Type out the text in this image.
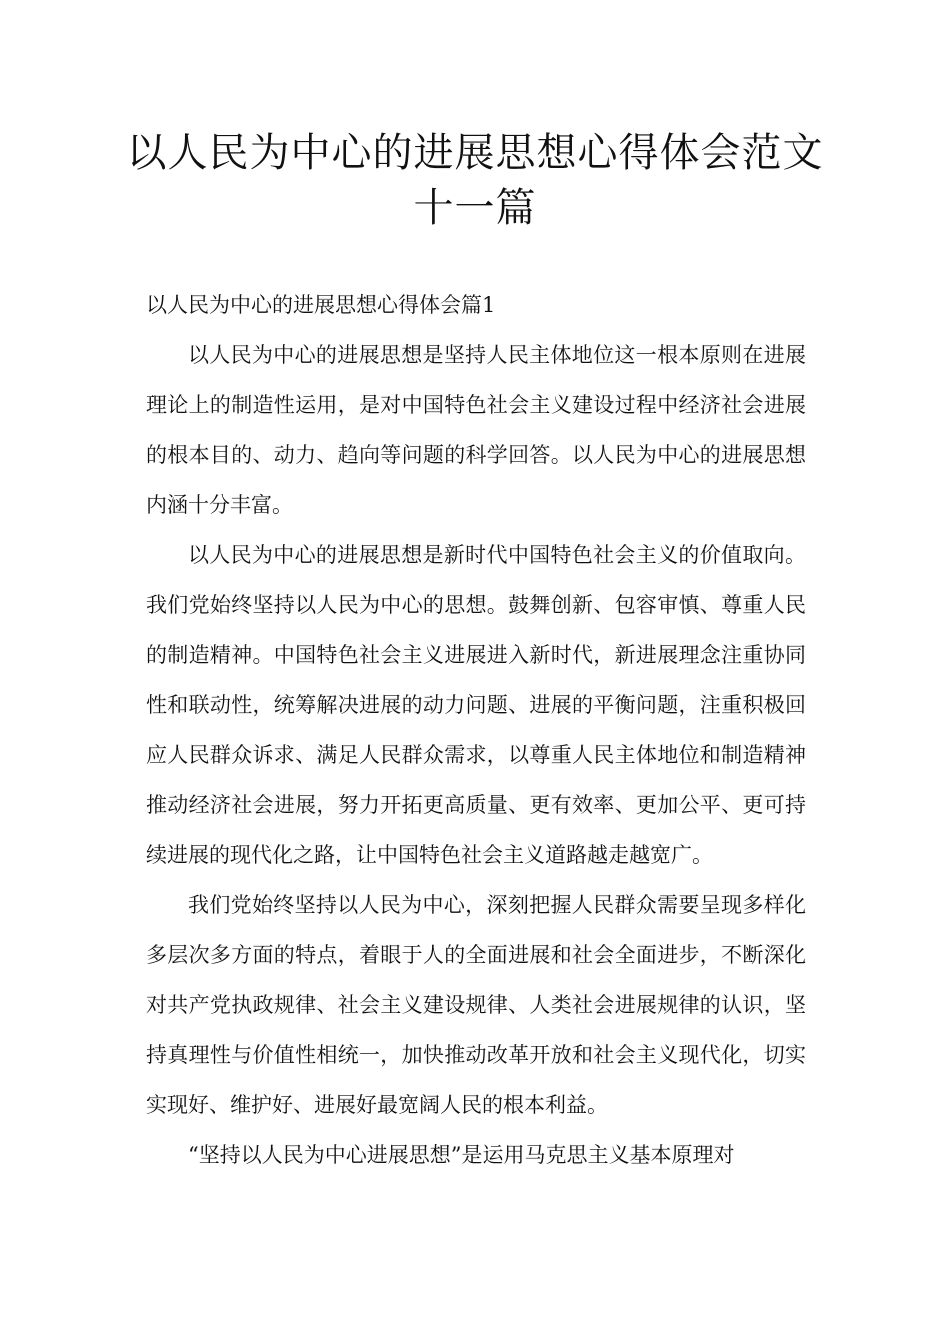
以人民为中心的进展思想心得体会范文
十一篇

以人民为中心的进展思想心得体会篇1

以人民为中心的进展思想是坚持人民主体地位这一根本原则在进展理论上的制造性运用，是对中国特色社会主义建设过程中经济社会进展的根本目的、动力、趋向等问题的科学回答。以人民为中心的进展思想内涵十分丰富。

以人民为中心的进展思想是新时代中国特色社会主义的价值取向。我们党始终坚持以人民为中心的思想。鼓舞创新、包容审慎、尊重人民的制造精神。中国特色社会主义进展进入新时代，新进展理念注重协同性和联动性，统筹解决进展的动力问题、进展的平衡问题，注重积极回应人民群众诉求、满足人民群众需求，以尊重人民主体地位和制造精神推动经济社会进展，努力开拓更高质量、更有效率、更加公平、更可持续进展的现代化之路，让中国特色社会主义道路越走越宽广。

我们党始终坚持以人民为中心，深刻把握人民群众需要呈现多样化多层次多方面的特点，着眼于人的全面进展和社会全面进步，不断深化对共产党执政规律、社会主义建设规律、人类社会进展规律的认识，坚持真理性与价值性相统一，加快推动改革开放和社会主义现代化，切实实现好、维护好、进展好最宽阔人民的根本利益。

“坚持以人民为中心进展思想”是运用马克思主义基本原理对
